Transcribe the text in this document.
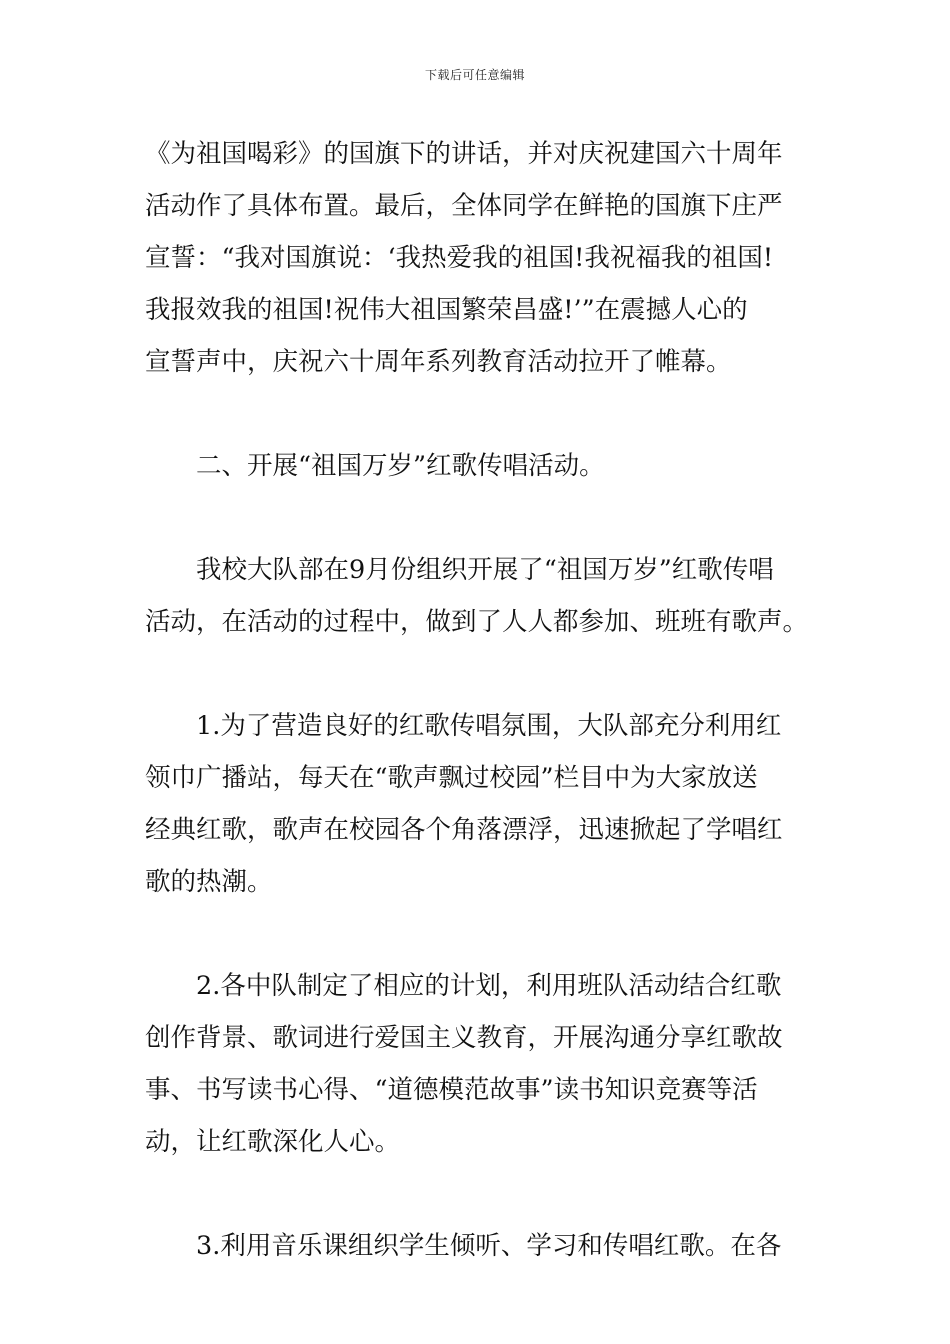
下载后可任意编辑
《为祖国喝彩》的国旗下的讲话，并对庆祝建国六十周年
活动作了具体布置。最后，全体同学在鲜艳的国旗下庄严
宣誓：“我对国旗说：‘我热爱我的祖国!我祝福我的祖国!
我报效我的祖国!祝伟大祖国繁荣昌盛!’”在震撼人心的
宣誓声中，庆祝六十周年系列教育活动拉开了帷幕。
　　二、开展“祖国万岁”红歌传唱活动。
　　我校大队部在9月份组织开展了“祖国万岁”红歌传唱
活动，在活动的过程中，做到了人人都参加、班班有歌声。
　　1.为了营造良好的红歌传唱氛围，大队部充分利用红
领巾广播站，每天在“歌声飘过校园”栏目中为大家放送
经典红歌，歌声在校园各个角落漂浮，迅速掀起了学唱红
歌的热潮。
　　2.各中队制定了相应的计划，利用班队活动结合红歌
创作背景、歌词进行爱国主义教育，开展沟通分享红歌故
事、书写读书心得、“道德模范故事”读书知识竞赛等活
动，让红歌深化人心。
　　3.利用音乐课组织学生倾听、学习和传唱红歌。在各
